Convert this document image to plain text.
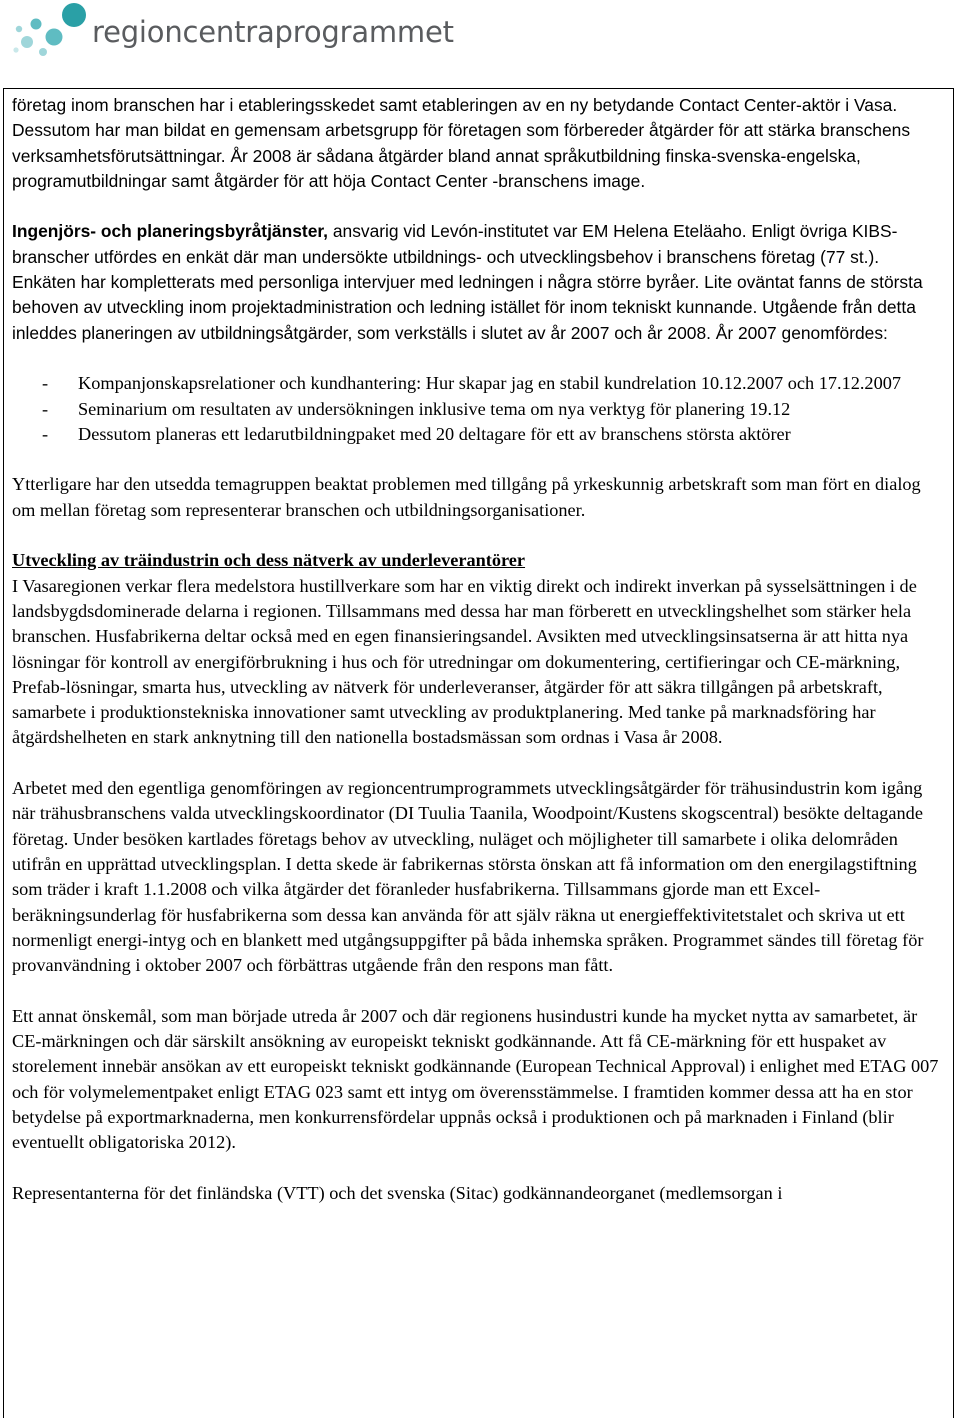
regioncentraprogrammet

företag inom branschen har i etableringsskedet samt etableringen av en ny betydande Contact Center-aktör i Vasa. Dessutom har man bildat en gemensam arbetsgrupp för företagen som förbereder åtgärder för att stärka branschens verksamhetsförutsättningar. År 2008 är sådana åtgärder bland annat språkutbildning finska-svenska-engelska, programutbildningar samt åtgärder för att höja Contact Center -branschens image.

Ingenjörs- och planeringsbyråtjänster, ansvarig vid Levón-institutet var EM Helena Eteläaho. Enligt övriga KIBS-branscher utfördes en enkät där man undersökte utbildnings- och utvecklingsbehov i branschens företag (77 st.). Enkäten har kompletterats med personliga intervjuer med ledningen i några större byråer. Lite oväntat fanns de största behoven av utveckling inom projektadministration och ledning istället för inom tekniskt kunnande. Utgående från detta inleddes planeringen av utbildningsåtgärder, som verkställs i slutet av år 2007 och år 2008. År 2007 genomfördes:

- Kompanjonskapsrelationer och kundhantering: Hur skapar jag en stabil kundrelation 10.12.2007 och 17.12.2007
- Seminarium om resultaten av undersökningen inklusive tema om nya verktyg för planering 19.12
- Dessutom planeras ett ledarutbildningpaket med 20 deltagare för ett av branschens största aktörer

Ytterligare har den utsedda temagruppen beaktat problemen med tillgång på yrkeskunnig arbetskraft som man fört en dialog om mellan företag som representerar branschen och utbildningsorganisationer.

Utveckling av träindustrin och dess nätverk av underleverantörer

I Vasaregionen verkar flera medelstora hustillverkare som har en viktig direkt och indirekt inverkan på sysselsättningen i de landsbygdsdominerade delarna i regionen. Tillsammans med dessa har man förberett en utvecklingshelhet som stärker hela branschen. Husfabrikerna deltar också med en egen finansieringsandel. Avsikten med utvecklingsinsatserna är att hitta nya lösningar för kontroll av energiförbrukning i hus och för utredningar om dokumentering, certifieringar och CE-märkning, Prefab-lösningar, smarta hus, utveckling av nätverk för underleveranser, åtgärder för att säkra tillgången på arbetskraft, samarbete i produktionstekniska innovationer samt utveckling av produktplanering. Med tanke på marknadsföring har åtgärdshelheten en stark anknytning till den nationella bostadsmässan som ordnas i Vasa år 2008.

Arbetet med den egentliga genomföringen av regioncentrumprogrammets utvecklingsåtgärder för trähusindustrin kom igång när trähusbranschens valda utvecklingskoordinator (DI Tuulia Taanila, Woodpoint/Kustens skogscentral) besökte deltagande företag. Under besöken kartlades företags behov av utveckling, nuläget och möjligheter till samarbete i olika delområden utifrån en upprättad utvecklingsplan. I detta skede är fabrikernas största önskan att få information om den energilagstiftning som träder i kraft 1.1.2008 och vilka åtgärder det föranleder husfabrikerna. Tillsammans gjorde man ett Excel-beräkningsunderlag för husfabrikerna som dessa kan använda för att själv räkna ut energieffektivitetstalet och skriva ut ett normenligt energi-intyg och en blankett med utgångsuppgifter på båda inhemska språken. Programmet sändes till företag för provanvändning i oktober 2007 och förbättras utgående från den respons man fått.

Ett annat önskemål, som man började utreda år 2007 och där regionens husindustri kunde ha mycket nytta av samarbetet, är CE-märkningen och där särskilt ansökning av europeiskt tekniskt godkännande. Att få CE-märkning för ett huspaket av storelement innebär ansökan av ett europeiskt tekniskt godkännande (European Technical Approval) i enlighet med ETAG 007 och för volymelementpaket enligt ETAG 023 samt ett intyg om överensstämmelse. I framtiden kommer dessa att ha en stor betydelse på exportmarknaderna, men konkurrensfördelar uppnås också i produktionen och på marknaden i Finland (blir eventuellt obligatoriska 2012).

Representanterna för det finländska (VTT) och det svenska (Sitac) godkännandeorganet (medlemsorgan i
